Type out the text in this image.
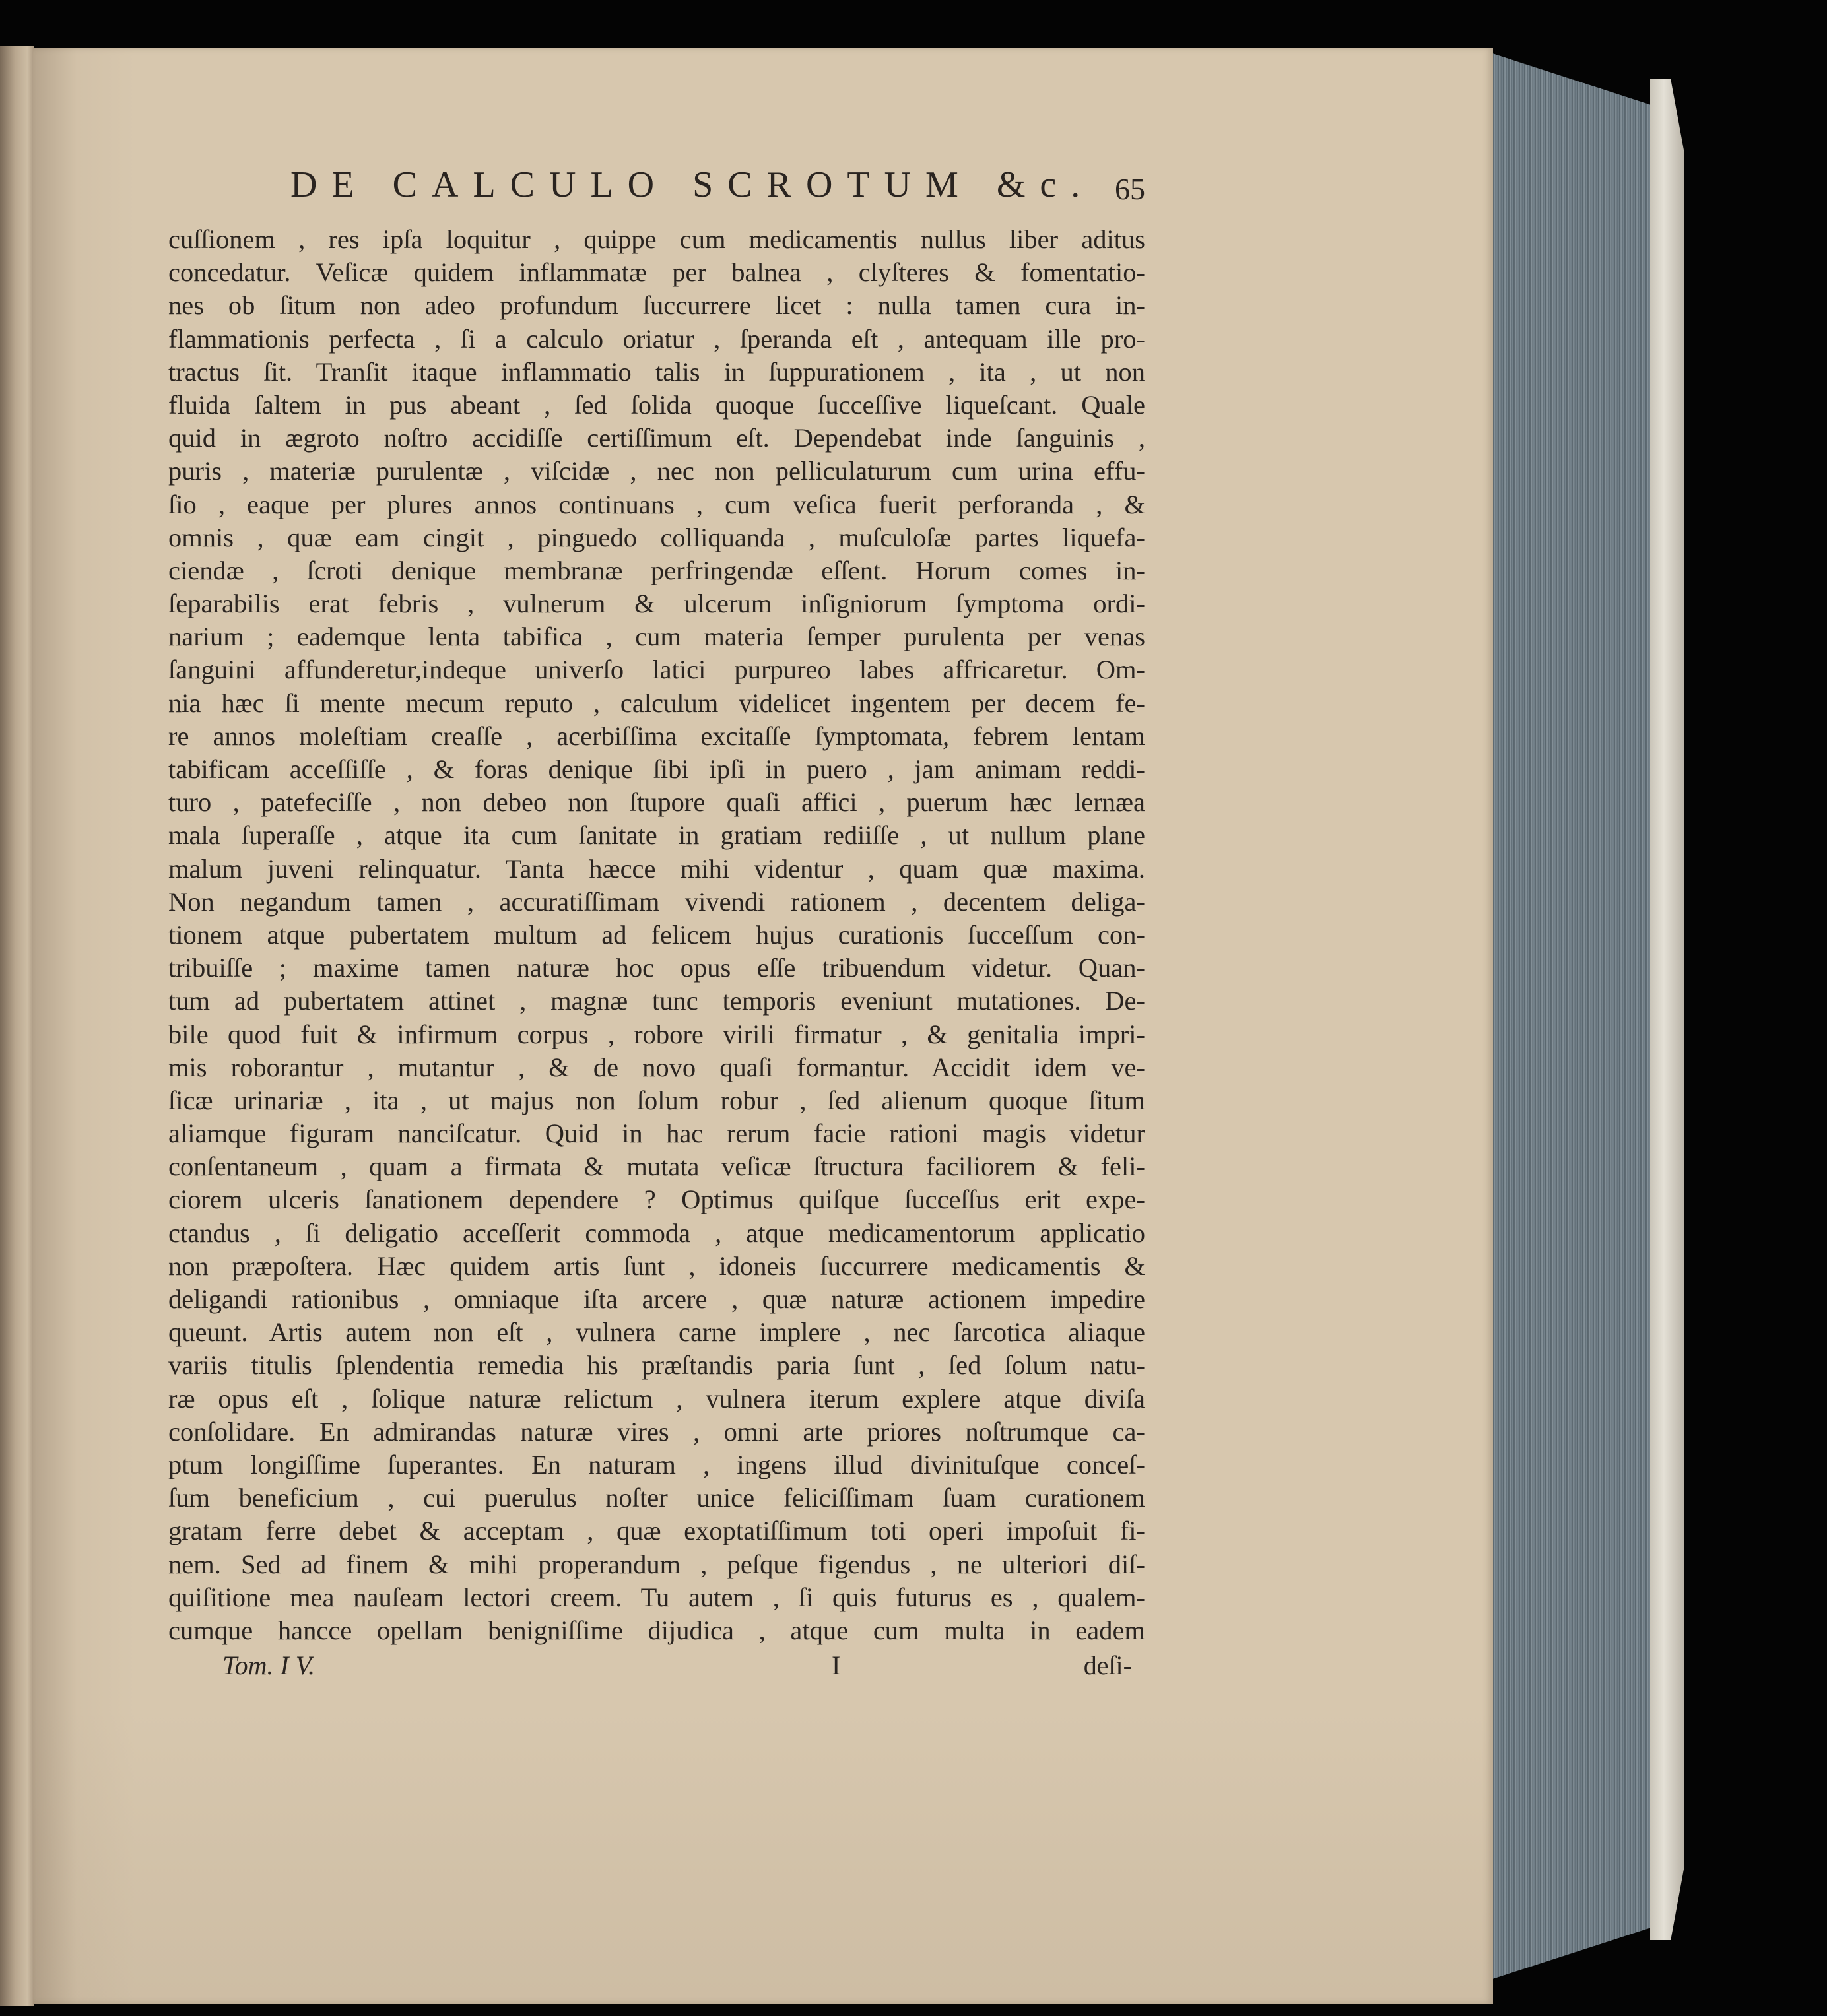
DE CALCULO SCROTUM &c. 65
cuſſionem , res ipſa loquitur , quippe cum medicamentis nullus liber aditus
concedatur. Veſicæ quidem inflammatæ per balnea , clyſteres & fomentatio-
nes ob ſitum non adeo profundum ſuccurrere licet : nulla tamen cura in-
flammationis perfecta , ſi a calculo oriatur , ſperanda eſt , antequam ille pro-
tractus ſit. Tranſit itaque inflammatio talis in ſuppurationem , ita , ut non
fluida ſaltem in pus abeant , ſed ſolida quoque ſucceſſive liqueſcant. Quale
quid in ægroto noſtro accidiſſe certiſſimum eſt. Dependebat inde ſanguinis ,
puris , materiæ purulentæ , viſcidæ , nec non pelliculaturum cum urina effu-
ſio , eaque per plures annos continuans , cum veſica fuerit perforanda , &
omnis , quæ eam cingit , pinguedo colliquanda , muſculoſæ partes liquefa-
ciendæ , ſcroti denique membranæ perfringendæ eſſent. Horum comes in-
ſeparabilis erat febris , vulnerum & ulcerum inſigniorum ſymptoma ordi-
narium ; eademque lenta tabifica , cum materia ſemper purulenta per venas
ſanguini affunderetur,indeque univerſo latici purpureo labes affricaretur. Om-
nia hæc ſi mente mecum reputo , calculum videlicet ingentem per decem fe-
re annos moleſtiam creaſſe , acerbiſſima excitaſſe ſymptomata, febrem lentam
tabificam acceſſiſſe , & foras denique ſibi ipſi in puero , jam animam reddi-
turo , patefeciſſe , non debeo non ſtupore quaſi affici , puerum hæc lernæa
mala ſuperaſſe , atque ita cum ſanitate in gratiam rediiſſe , ut nullum plane
malum juveni relinquatur. Tanta hæcce mihi videntur , quam quæ maxima.
Non negandum tamen , accuratiſſimam vivendi rationem , decentem deliga-
tionem atque pubertatem multum ad felicem hujus curationis ſucceſſum con-
tribuiſſe ; maxime tamen naturæ hoc opus eſſe tribuendum videtur. Quan-
tum ad pubertatem attinet , magnæ tunc temporis eveniunt mutationes. De-
bile quod fuit & infirmum corpus , robore virili firmatur , & genitalia impri-
mis roborantur , mutantur , & de novo quaſi formantur. Accidit idem ve-
ſicæ urinariæ , ita , ut majus non ſolum robur , ſed alienum quoque ſitum
aliamque figuram nanciſcatur. Quid in hac rerum facie rationi magis videtur
conſentaneum , quam a firmata & mutata veſicæ ſtructura faciliorem & feli-
ciorem ulceris ſanationem dependere ? Optimus quiſque ſucceſſus erit expe-
ctandus , ſi deligatio acceſſerit commoda , atque medicamentorum applicatio
non præpoſtera. Hæc quidem artis ſunt , idoneis ſuccurrere medicamentis &
deligandi rationibus , omniaque iſta arcere , quæ naturæ actionem impedire
queunt. Artis autem non eſt , vulnera carne implere , nec ſarcotica aliaque
variis titulis ſplendentia remedia his præſtandis paria ſunt , ſed ſolum natu-
ræ opus eſt , ſolique naturæ relictum , vulnera iterum explere atque diviſa
conſolidare. En admirandas naturæ vires , omni arte priores noſtrumque ca-
ptum longiſſime ſuperantes. En naturam , ingens illud divinituſque conceſ-
ſum beneficium , cui puerulus noſter unice feliciſſimam ſuam curationem
gratam ferre debet & acceptam , quæ exoptatiſſimum toti operi impoſuit fi-
nem. Sed ad finem & mihi properandum , peſque figendus , ne ulteriori diſ-
quiſitione mea nauſeam lectori creem. Tu autem , ſi quis futurus es , qualem-
cumque hancce opellam benigniſſime dijudica , atque cum multa in eadem
Tom. I V.	I	deſi-
